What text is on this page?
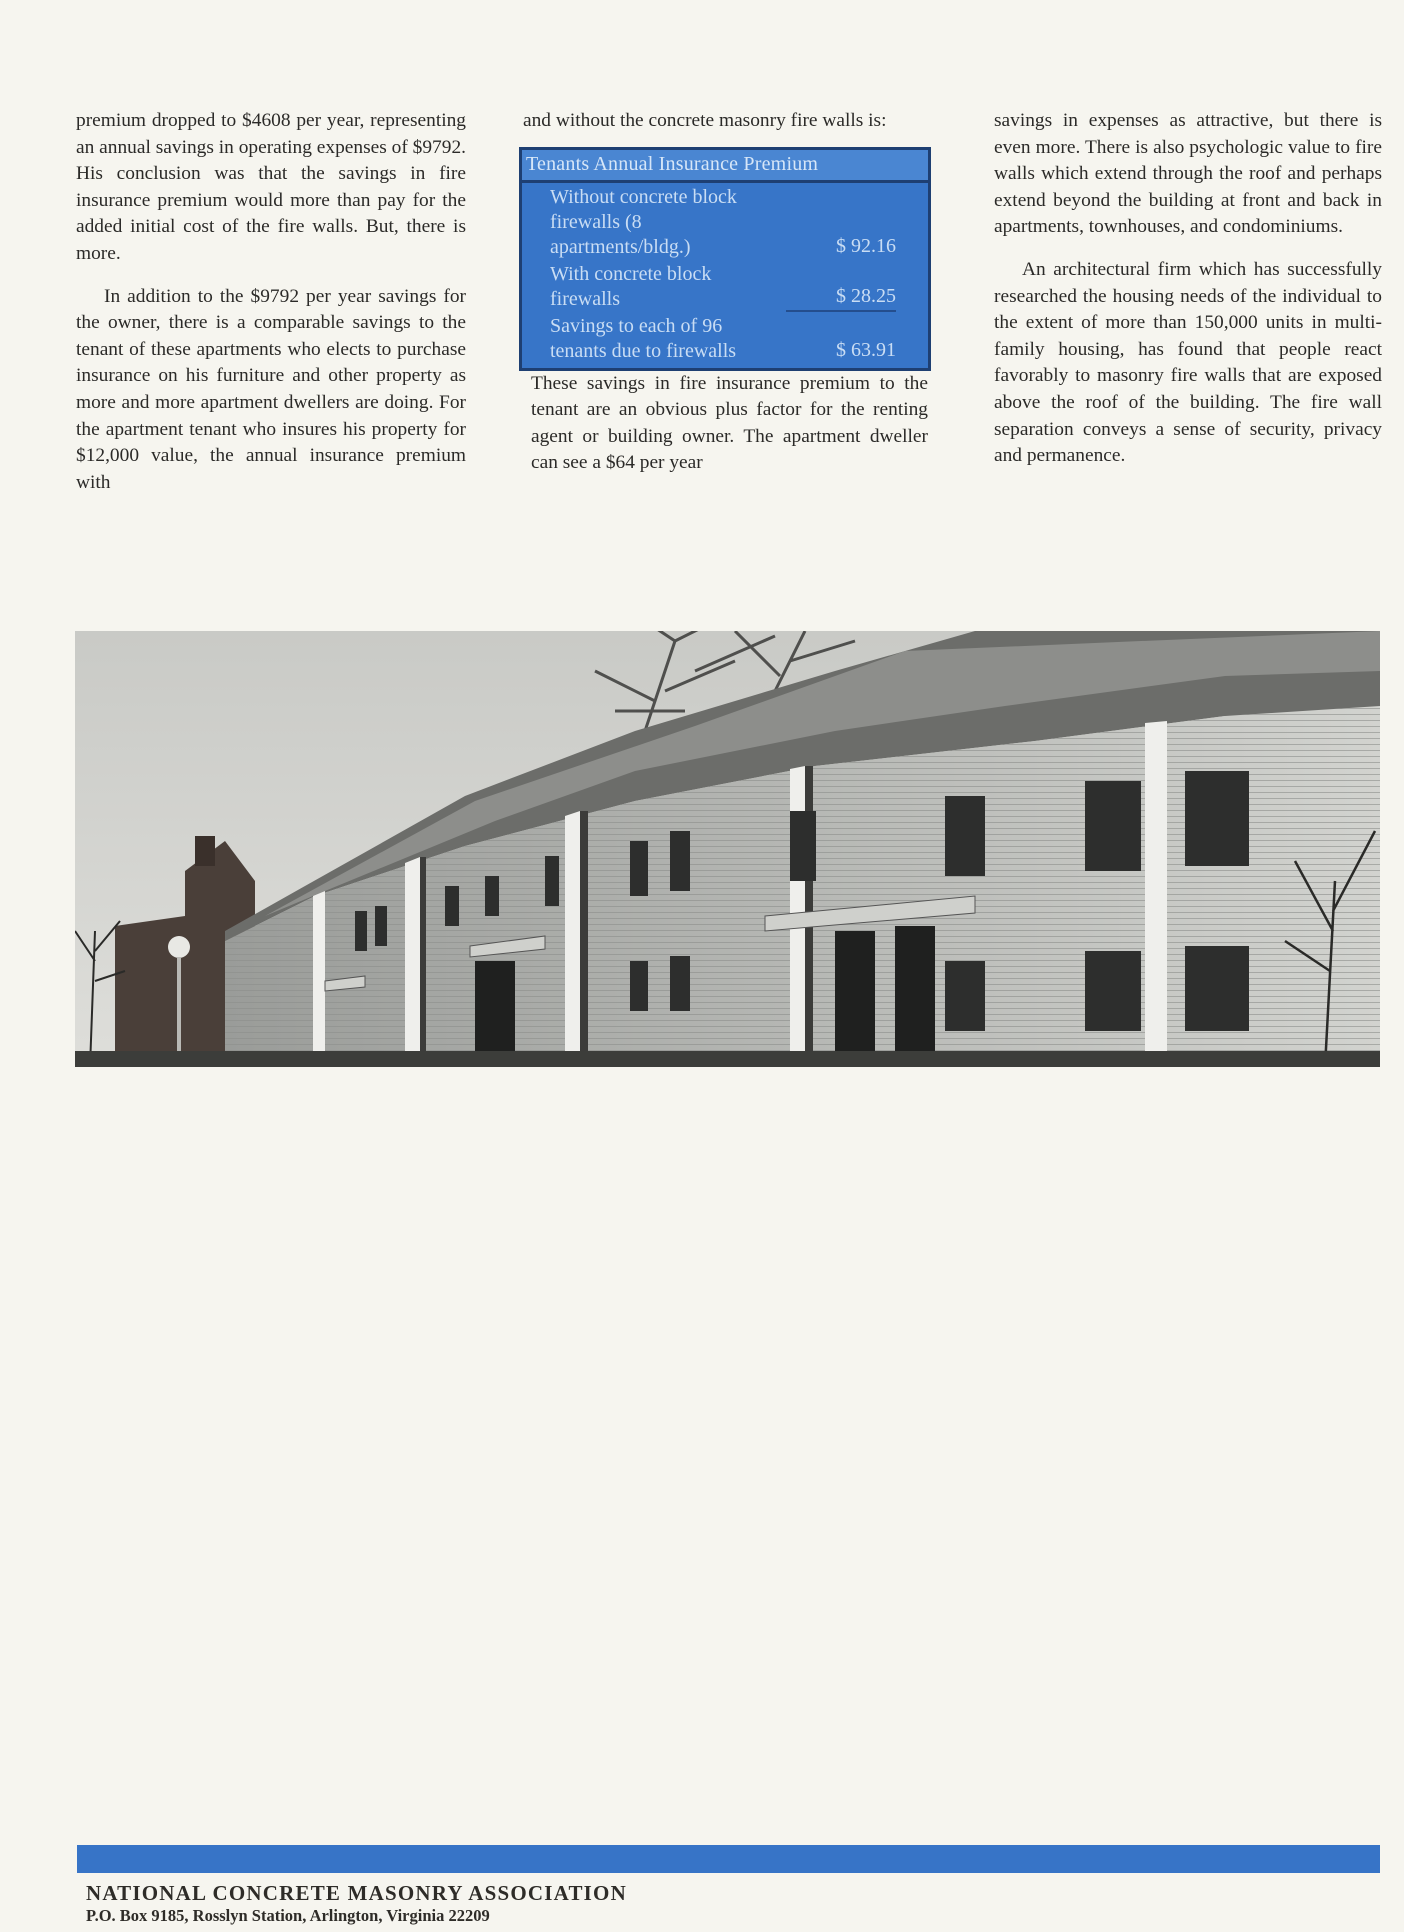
premium dropped to $4608 per year, representing an annual savings in operating expenses of $9792. His conclusion was that the savings in fire insurance premium would more than pay for the added initial cost of the fire walls. But, there is more.

In addition to the $9792 per year savings for the owner, there is a comparable savings to the tenant of these apartments who elects to purchase insurance on his furniture and other property as more and more apartment dwellers are doing. For the apartment tenant who insures his property for $12,000 value, the annual insurance premium with

and without the concrete masonry fire walls is:

Tenants Annual Insurance Premium
Without concrete block firewalls (8 apartments/bldg.)	$ 92.16
With concrete block firewalls	$ 28.25
Savings to each of 96 tenants due to firewalls	$ 63.91

These savings in fire insurance premium to the tenant are an obvious plus factor for the renting agent or building owner. The apartment dweller can see a $64 per year

savings in expenses as attractive, but there is even more. There is also psychologic value to fire walls which extend through the roof and perhaps extend beyond the building at front and back in apartments, townhouses, and condominiums.

An architectural firm which has successfully researched the housing needs of the individual to the extent of more than 150,000 units in multi-family housing, has found that people react favorably to masonry fire walls that are exposed above the roof of the building. The fire wall separation conveys a sense of security, privacy and permanence.

NATIONAL CONCRETE MASONRY ASSOCIATION
P.O. Box 9185, Rosslyn Station, Arlington, Virginia 22209
